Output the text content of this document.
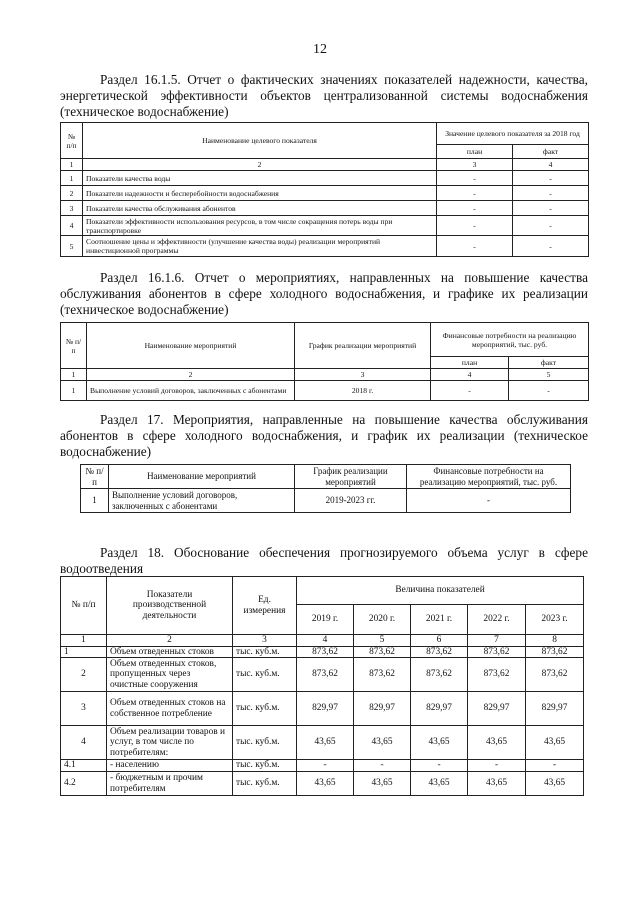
12
Раздел 16.1.5. Отчет о фактических значениях показателей надежности, качества, энергетической эффективности объектов централизованной системы водоснабжения (техническое водоснабжение)
№ п/п	Наименование целевого показателя	Значение целевого показателя за 2018 год	
		план	факт
1	2	3	4
1	Показатели качества воды	-	-
2	Показатели надежности и бесперебойности водоснабжения	-	-
3	Показатели качества обслуживания абонентов	-	-
4	Показатели эффективности использования ресурсов, в том числе сокращения потерь воды при транспортировке	-	-
5	Соотношение цены и эффективности (улучшение качества воды) реализации мероприятий инвестиционной программы	-	-
Раздел 16.1.6. Отчет о мероприятиях, направленных на повышение качества обслуживания абонентов в сфере холодного водоснабжения, и графике их реализации (техническое водоснабжение)
№ п/п	Наименование мероприятий	График реализации мероприятий	Финансовые потребности на реализацию мероприятий, тыс. руб.	
			план	факт
1	2	3	4	5
1	Выполнение условий договоров, заключенных с абонентами	2018 г.	-	-
Раздел 17. Мероприятия, направленные на повышение качества обслуживания абонентов в сфере холодного водоснабжения, и график их реализации (техническое водоснабжение)
№ п/п	Наименование мероприятий	График реализации мероприятий	Финансовые потребности на реализацию мероприятий, тыс. руб.
1	Выполнение условий договоров, заключенных с абонентами	2019-2023 гг.	-
Раздел 18. Обоснование обеспечения прогнозируемого объема услуг в сфере водоотведения
№ п/п	Показатели производственной деятельности	Ед. измерения	Величина показателей				
			2019 г.	2020 г.	2021 г.	2022 г.	2023 г.
1	2	3	4	5	6	7	8
1	Объем отведенных стоков	тыс. куб.м.	873,62	873,62	873,62	873,62	873,62
2	Объем отведенных стоков, пропущенных через очистные сооружения	тыс. куб.м.	873,62	873,62	873,62	873,62	873,62
3	Объем отведенных стоков на собственное потребление	тыс. куб.м.	829,97	829,97	829,97	829,97	829,97
4	Объем реализации товаров и услуг, в том числе по потребителям:	тыс. куб.м.	43,65	43,65	43,65	43,65	43,65
4.1	- населению	тыс. куб.м.	-	-	-	-	-
4.2	- бюджетным и прочим потребителям	тыс. куб.м.	43,65	43,65	43,65	43,65	43,65
